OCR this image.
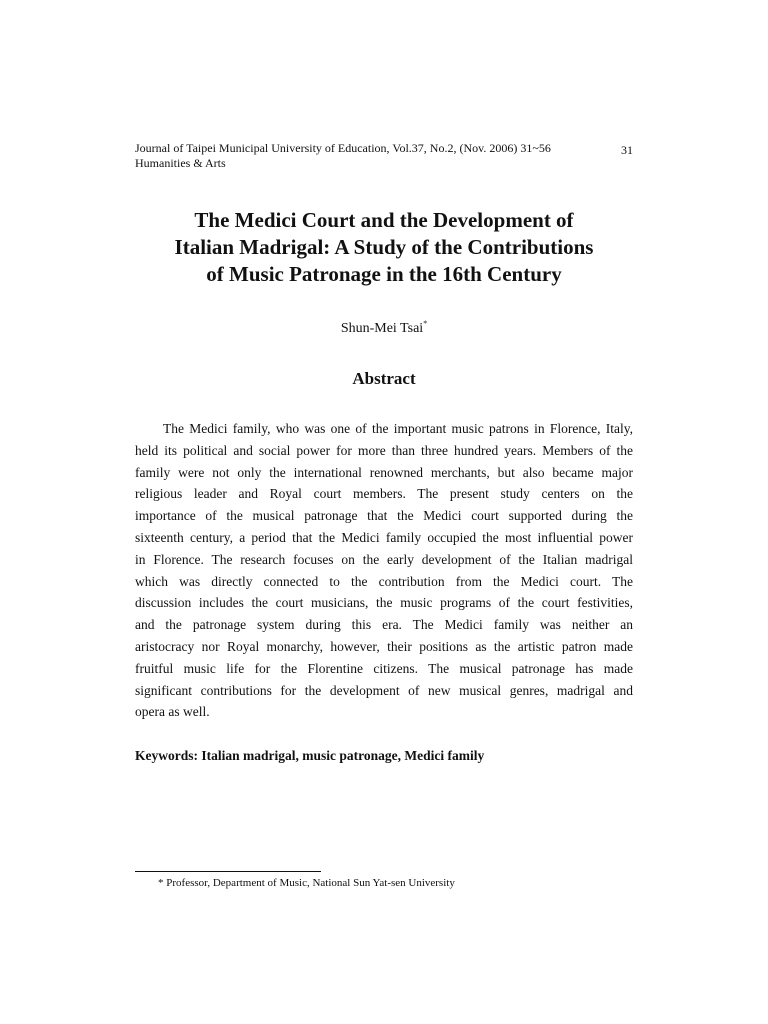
Journal of Taipei Municipal University of Education, Vol.37, No.2, (Nov. 2006) 31~56
Humanities & Arts
31
The Medici Court and the Development of
Italian Madrigal: A Study of the Contributions
of Music Patronage in the 16th Century
Shun-Mei Tsai*
Abstract
The Medici family, who was one of the important music patrons in Florence, Italy,
held its political and social power for more than three hundred years. Members of the
family were not only the international renowned merchants, but also became major
religious leader and Royal court members. The present study centers on the
importance of the musical patronage that the Medici court supported during the
sixteenth century, a period that the Medici family occupied the most influential power
in Florence. The research focuses on the early development of the Italian madrigal
which was directly connected to the contribution from the Medici court. The
discussion includes the court musicians, the music programs of the court festivities,
and the patronage system during this era. The Medici family was neither an
aristocracy nor Royal monarchy, however, their positions as the artistic patron made
fruitful music life for the Florentine citizens. The musical patronage has made
significant contributions for the development of new musical genres, madrigal and
opera as well.
Keywords: Italian madrigal, music patronage, Medici family
* Professor, Department of Music, National Sun Yat-sen University
